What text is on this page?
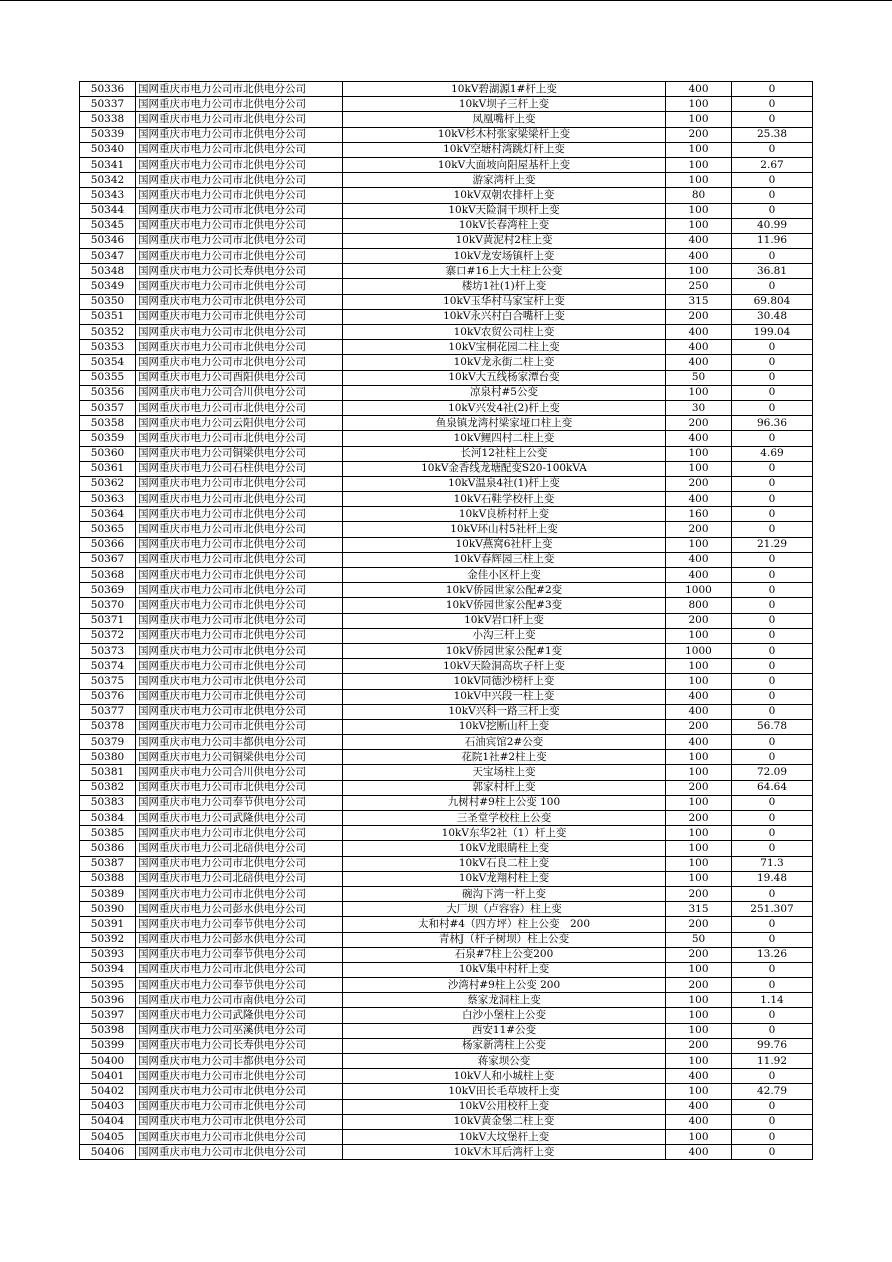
50336	国网重庆市电力公司市北供电分公司	10kV碧湖源1#杆上变	400	0
50337	国网重庆市电力公司市北供电分公司	10kV坝子三杆上变	100	0
50338	国网重庆市电力公司市北供电分公司	凤凰嘴杆上变	100	0
50339	国网重庆市电力公司市北供电分公司	10kV杉木村张家梁梁杆上变	200	25.38
50340	国网重庆市电力公司市北供电分公司	10kV空塘村湾跳灯杆上变	100	0
50341	国网重庆市电力公司市北供电分公司	10kV大面坡向阳屋基杆上变	100	2.67
50342	国网重庆市电力公司市北供电分公司	游家湾杆上变	100	0
50343	国网重庆市电力公司市北供电分公司	10kV双朝农排杆上变	80	0
50344	国网重庆市电力公司市北供电分公司	10kV天险洞干坝杆上变	100	0
50345	国网重庆市电力公司市北供电分公司	10kV长春湾柱上变	100	40.99
50346	国网重庆市电力公司市北供电分公司	10kV黄泥村2柱上变	400	11.96
50347	国网重庆市电力公司市北供电分公司	10kV龙安场镇杆上变	400	0
50348	国网重庆市电力公司长寿供电分公司	寨口#16上大土柱上公变	100	36.81
50349	国网重庆市电力公司市北供电分公司	楼坊1社(1)杆上变	250	0
50350	国网重庆市电力公司市北供电分公司	10kV玉华村马家宝杆上变	315	69.804
50351	国网重庆市电力公司市北供电分公司	10kV永兴村白合嘴杆上变	200	30.48
50352	国网重庆市电力公司市北供电分公司	10kV农贸公司柱上变	400	199.04
50353	国网重庆市电力公司市北供电分公司	10kV宝桐花园二柱上变	400	0
50354	国网重庆市电力公司市北供电分公司	10kV龙永街二柱上变	400	0
50355	国网重庆市电力公司酉阳供电分公司	10kV大五线杨家潭台变	50	0
50356	国网重庆市电力公司合川供电分公司	凉泉村#5公变	100	0
50357	国网重庆市电力公司市北供电分公司	10kV兴发4社(2)杆上变	30	0
50358	国网重庆市电力公司云阳供电分公司	鱼泉镇龙湾村梁家垭口柱上变	200	96.36
50359	国网重庆市电力公司市北供电分公司	10kV鲤四村二柱上变	400	0
50360	国网重庆市电力公司铜梁供电分公司	长河12社柱上公变	100	4.69
50361	国网重庆市电力公司石柱供电分公司	10kV金香线龙塘配变S20-100kVA	100	0
50362	国网重庆市电力公司市北供电分公司	10kV温泉4社(1)杆上变	200	0
50363	国网重庆市电力公司市北供电分公司	10kV石鞋学校杆上变	400	0
50364	国网重庆市电力公司市北供电分公司	10kV良桥村杆上变	160	0
50365	国网重庆市电力公司市北供电分公司	10kV环山村5社杆上变	200	0
50366	国网重庆市电力公司市北供电分公司	10kV燕窝6社杆上变	100	21.29
50367	国网重庆市电力公司市北供电分公司	10kV春辉园三柱上变	400	0
50368	国网重庆市电力公司市北供电分公司	金佳小区杆上变	400	0
50369	国网重庆市电力公司市北供电分公司	10kV侨园世家公配#2变	1000	0
50370	国网重庆市电力公司市北供电分公司	10kV侨园世家公配#3变	800	0
50371	国网重庆市电力公司市北供电分公司	10kV岩口杆上变	200	0
50372	国网重庆市电力公司市北供电分公司	小沟三杆上变	100	0
50373	国网重庆市电力公司市北供电分公司	10kV侨园世家公配#1变	1000	0
50374	国网重庆市电力公司市北供电分公司	10kV天险洞高坎子杆上变	100	0
50375	国网重庆市电力公司市北供电分公司	10kV同德沙榜杆上变	100	0
50376	国网重庆市电力公司市北供电分公司	10kV中兴段一柱上变	400	0
50377	国网重庆市电力公司市北供电分公司	10kV兴科一路三杆上变	400	0
50378	国网重庆市电力公司市北供电分公司	10kV挖断山杆上变	200	56.78
50379	国网重庆市电力公司丰都供电分公司	石油宾馆2#公变	400	0
50380	国网重庆市电力公司铜梁供电分公司	花院1社#2柱上变	100	0
50381	国网重庆市电力公司合川供电分公司	天宝场柱上变	100	72.09
50382	国网重庆市电力公司市北供电分公司	郭家村杆上变	200	64.64
50383	国网重庆市电力公司奉节供电分公司	九树村#9柱上公变 100	100	0
50384	国网重庆市电力公司武隆供电分公司	三圣堂学校柱上公变	200	0
50385	国网重庆市电力公司市北供电分公司	10kV东华2社（1）杆上变	100	0
50386	国网重庆市电力公司北碚供电分公司	10kV龙眼睛柱上变	100	0
50387	国网重庆市电力公司市北供电分公司	10kV石良二柱上变	100	71.3
50388	国网重庆市电力公司北碚供电分公司	10kV龙翔村柱上变	100	19.48
50389	国网重庆市电力公司市北供电分公司	碗沟下湾一杆上变	200	0
50390	国网重庆市电力公司彭水供电分公司	大厂坝（卢容容）柱上变	315	251.307
50391	国网重庆市电力公司奉节供电分公司	太和村#4（四方坪）柱上公变　200	200	0
50392	国网重庆市电力公司彭水供电分公司	青林J（杆子树坝）柱上公变	50	0
50393	国网重庆市电力公司奉节供电分公司	石泉#7柱上公变200	200	13.26
50394	国网重庆市电力公司市北供电分公司	10kV集中村杆上变	100	0
50395	国网重庆市电力公司奉节供电分公司	沙湾村#9柱上公变 200	200	0
50396	国网重庆市电力公司市南供电分公司	蔡家龙洞柱上变	100	1.14
50397	国网重庆市电力公司武隆供电分公司	白沙小堡柱上公变	100	0
50398	国网重庆市电力公司巫溪供电分公司	西安11#公变	100	0
50399	国网重庆市电力公司长寿供电分公司	杨家新湾柱上公变	200	99.76
50400	国网重庆市电力公司丰都供电分公司	蒋家坝公变	100	11.92
50401	国网重庆市电力公司市北供电分公司	10kV人和小城柱上变	400	0
50402	国网重庆市电力公司市北供电分公司	10kV田长毛草坡杆上变	100	42.79
50403	国网重庆市电力公司市北供电分公司	10kV公用校杆上变	400	0
50404	国网重庆市电力公司市北供电分公司	10kV黄金堡二柱上变	400	0
50405	国网重庆市电力公司市北供电分公司	10kV大坟堡杆上变	100	0
50406	国网重庆市电力公司市北供电分公司	10kV木耳后湾杆上变	400	0
